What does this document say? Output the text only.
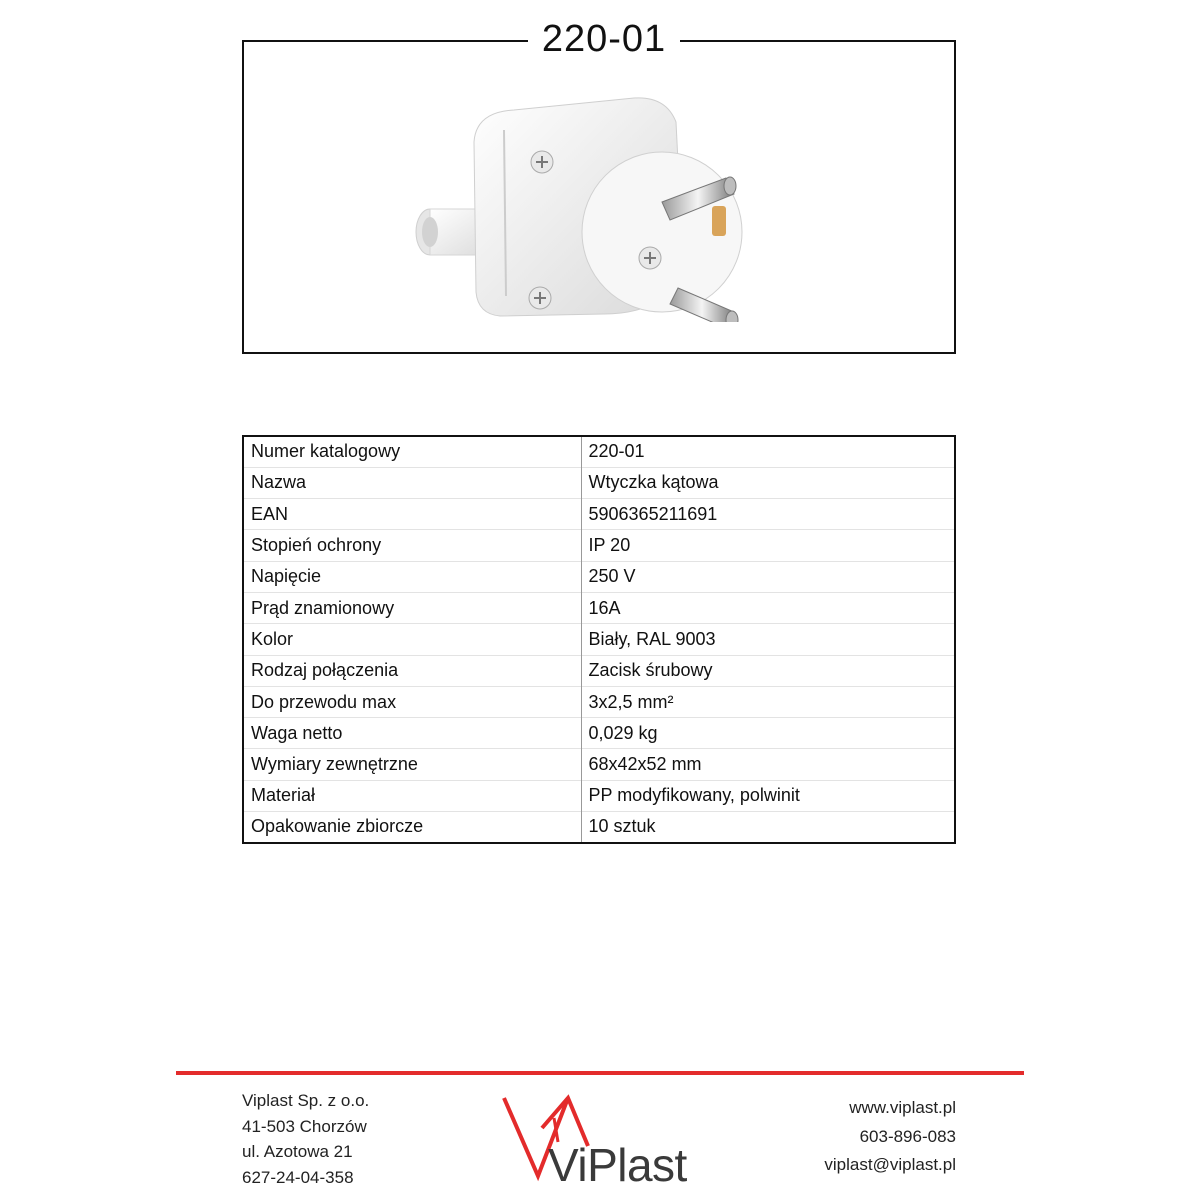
220-01
Numer katalogowy	220-01
Nazwa	Wtyczka kątowa
EAN	5906365211691
Stopień ochrony	IP 20
Napięcie	250 V
Prąd znamionowy	16A
Kolor	Biały, RAL 9003
Rodzaj połączenia	Zacisk śrubowy
Do przewodu max	3x2,5 mm²
Waga netto	0,029 kg
Wymiary zewnętrzne	68x42x52 mm
Materiał	PP modyfikowany, polwinit
Opakowanie zbiorcze	10 sztuk
Viplast Sp. z o.o.
41-503 Chorzów
ul. Azotowa 21
627-24-04-358	ViPlast
www.viplast.pl
603-896-083
viplast@viplast.pl
